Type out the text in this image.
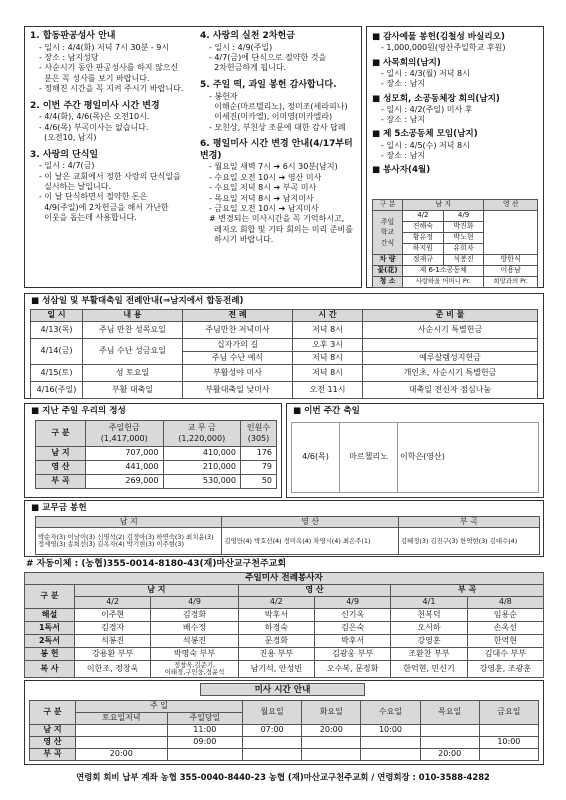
1. 합동판공성사 안내
- 일시 : 4/4(화) 저녁 7시 30분 - 9시
- 장소 : 남지성당
- 사순시기 동안 판공성사를 하지 않으신
분은 꼭 성사를 보기 바랍니다.
- 정해진 시간을 꼭 지켜 주시기 바랍니다.
2. 이번 주간 평일미사 시간 변경
- 4/4(화), 4/6(목)은 오전10시.
- 4/6(목) 부곡미사는 없습니다.
(오전10, 남지)
3. 사랑의 단식일
- 일시 : 4/7(금)
- 이 날은 교회에서 정한 사랑의 단식일을
실시하는 날입니다.
- 이 날 단식하면서 절약한 돈은
4/9(주일)에 2차헌금을 해서 가난한
이웃을 돕는데 사용합니다.
4. 사랑의 실천 2차헌금
- 일시 : 4/9(주일)
- 4/7(금)에 단식으로 절약한 것을
2차헌금하게 됩니다.
5. 주일 떡, 과일 봉헌 감사합니다.
- 봉헌자
이해순(마르텔리노), 정미조(세라피나)
이세진(미카엘), 이미영(미카엘라)
- 모친상, 부친상 조문에 대한 감사 답례
6. 평일미사 시간 변경 안내(4/17부터 변경)
- 월요일 새벽 7시 ➔ 6시 30분(남지)
- 수요일 오전 10시 ➔ 영산 미사
- 수요일 저녁 8시 ➔ 부곡 미사
- 목요일 저녁 8시 ➔ 남지미사
- 금요일 오전 10시 ➔ 남지미사
# 변경되는 미사시간을 꼭 기억하시고,
레지오 회합 및 기타 회의는 미리 준비를
하시기 바랍니다.
■ 감사예물 봉헌(김철성 바실리오)
- 1,000,000원(영산주일학교 후원)
■ 사목회의(남지)
- 일시 : 4/3(월) 저녁 8시
- 장소 : 남지
■ 성모회, 소공동체장 회의(남지)
- 일시 : 4/2(주일) 미사 후
- 장소 : 남지
■ 제 5소공동체 모임(남지)
- 일시 : 4/5(수) 저녁 8시
- 장소 : 남지
■ 봉사자(4월)
구 분	남 지		영 산
주일
학교
간식	4/2	4/9	
	진해숙	박진화	
	황유정	박노현	
	하지원	유희자	
차 량	정재규	석봉진	방한식
꽃(花)	제 6-1소공동체		이용남
청 소	사랑하올 어머니 Pr.		희망과의 Pr.
■ 성삼일 및 부활대축일 전례안내(⇒남지에서 합동전례)
일 시	내 용	전 례	시 간	준 비 물
4/13(목)	주님 만찬 성목요일	주님만찬 저녁미사	저녁 8시	사순시기 특별헌금
4/14(금)	주님 수난 성금요일	십자가의 길	오후 3시	
		주님 수난 예식	저녁 8시	예루살렘성지헌금
4/15(토)	성 토요일	부활성야 미사	저녁 8시	개인초, 사순시기 특별헌금
4/16(주일)	부활 대축일	부활대축일 낮미사	오전 11시	대축일 전신자 점심나눔
■ 지난 주일 우리의 정성
구 분	주일헌금
(1,417,000)	교 무 금
(1,220,000)	인원수
(305)
남 지	707,000	410,000	176
영 산	441,000	210,000	79
부 곡	269,000	530,000	50
■ 이번 주간 축일
4/6(목)	마르첼리노	이학은(영산)
■ 교무금 봉헌
남 지	영 산	부 곡
박순자(3) 이남이(3) 신명석(2) 김정아(3) 하연숙(3) 최치윤(3) 정세영(3) 송희선(3) 김옥자(4) 박기현(3) 이주현(3)	김영만(4) 박호선(4) 정미옥(4) 차영시(4) 최은주(1)	김혜정(3) 김진구(3) 한억현(3) 김대수(4)
# 자동이체 : (농협)355-0014-8180-43(재)마산교구천주교회
주일미사 전례봉사자						
구 분	남 지		영 산		부 곡	
	4/2	4/9	4/2	4/9	4/1	4/8
해설	이주현	김경화	박후서	신기옥	천복덕	임용순
1독서	김경자	배수정	하경숙	김은숙	오서하	손옥선
2독서	석봉진	석봉진	문경화	박후서	강영훈	한억현
봉 헌	강용환 부부	박명숙 부부	진용 부부	김광웅 부부	조환찬 부부	김대수 부부
복 사	이한조, 정창욱	정창욱,김준기,
이태경,구민웅,정윤석	남기석, 안성빈	오수복, 문정화	한억현, 민신기	강영훈, 조광훈
미사 시간 안내
구 분	주 일		월요일	화요일	수요일	목요일	금요일
	토요일저녁	주일당일					
남 지		11:00	07:00	20:00	10:00		
영 산		09:00					10:00
부 곡	20:00					20:00	
연령회 회비 납부 계좌 농협 355-0040-8440-23 농협 (재)마산교구천주교회 / 연령회장 : 010-3588-4282
